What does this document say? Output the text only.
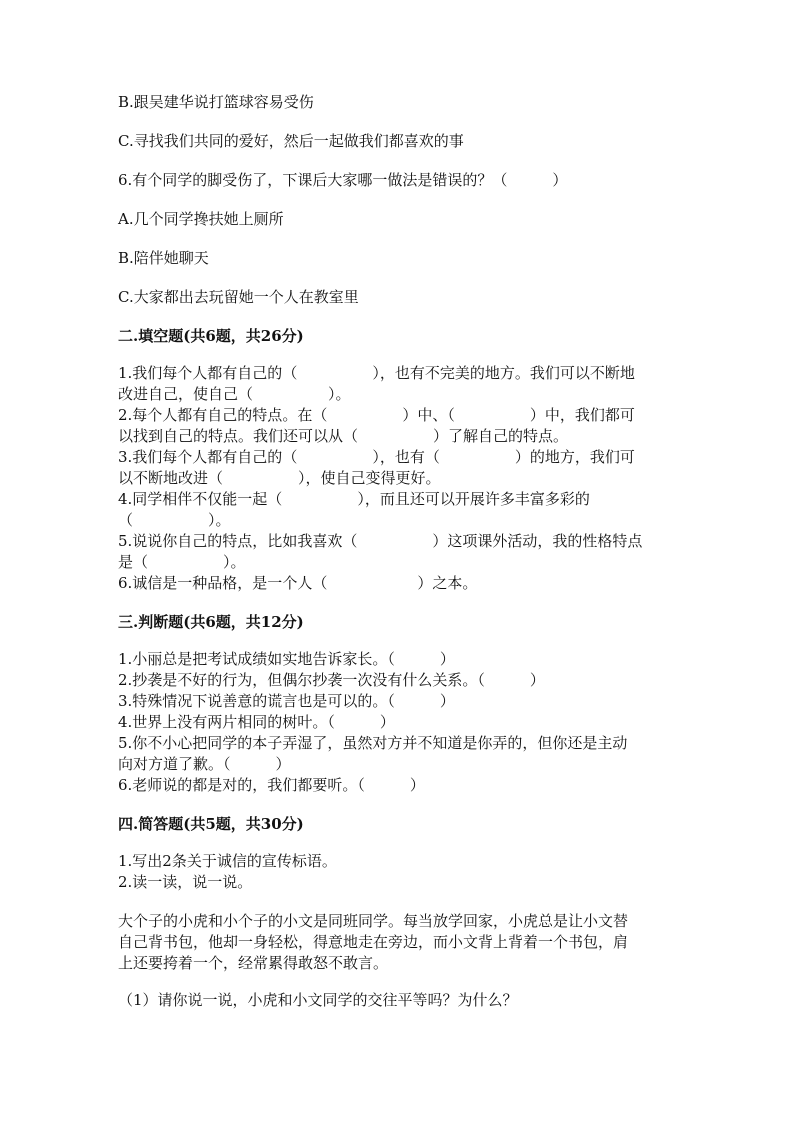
B.跟吴建华说打篮球容易受伤
C.寻找我们共同的爱好，然后一起做我们都喜欢的事
6.有个同学的脚受伤了，下课后大家哪一做法是错误的？（　　　）
A.几个同学搀扶她上厕所
B.陪伴她聊天
C.大家都出去玩留她一个人在教室里
二.填空题(共6题，共26分)
1.我们每个人都有自己的（　　　　　），也有不完美的地方。我们可以不断地
改进自己，使自己（　　　　　）。
2.每个人都有自己的特点。在（　　　　　）中、（　　　　　）中，我们都可
以找到自己的特点。我们还可以从（　　　　　）了解自己的特点。
3.我们每个人都有自己的（　　　　　），也有（　　　　　）的地方，我们可
以不断地改进（　　　　　），使自己变得更好。
4.同学相伴不仅能一起（　　　　　），而且还可以开展许多丰富多彩的
（　　　　　）。
5.说说你自己的特点，比如我喜欢（　　　　　）这项课外活动，我的性格特点
是（　　　　　）。
6.诚信是一种品格，是一个人（　　　　　　）之本。
三.判断题(共6题，共12分)
1.小丽总是把考试成绩如实地告诉家长。（　　　）
2.抄袭是不好的行为，但偶尔抄袭一次没有什么关系。（　　　）
3.特殊情况下说善意的谎言也是可以的。（　　　）
4.世界上没有两片相同的树叶。（　　　）
5.你不小心把同学的本子弄湿了，虽然对方并不知道是你弄的，但你还是主动
向对方道了歉。（　　　）
6.老师说的都是对的，我们都要听。（　　　）
四.简答题(共5题，共30分)
1.写出2条关于诚信的宣传标语。
2.读一读，说一说。
大个子的小虎和小个子的小文是同班同学。每当放学回家，小虎总是让小文替
自己背书包，他却一身轻松，得意地走在旁边，而小文背上背着一个书包，肩
上还要挎着一个，经常累得敢怒不敢言。
（1）请你说一说，小虎和小文同学的交往平等吗？为什么？
